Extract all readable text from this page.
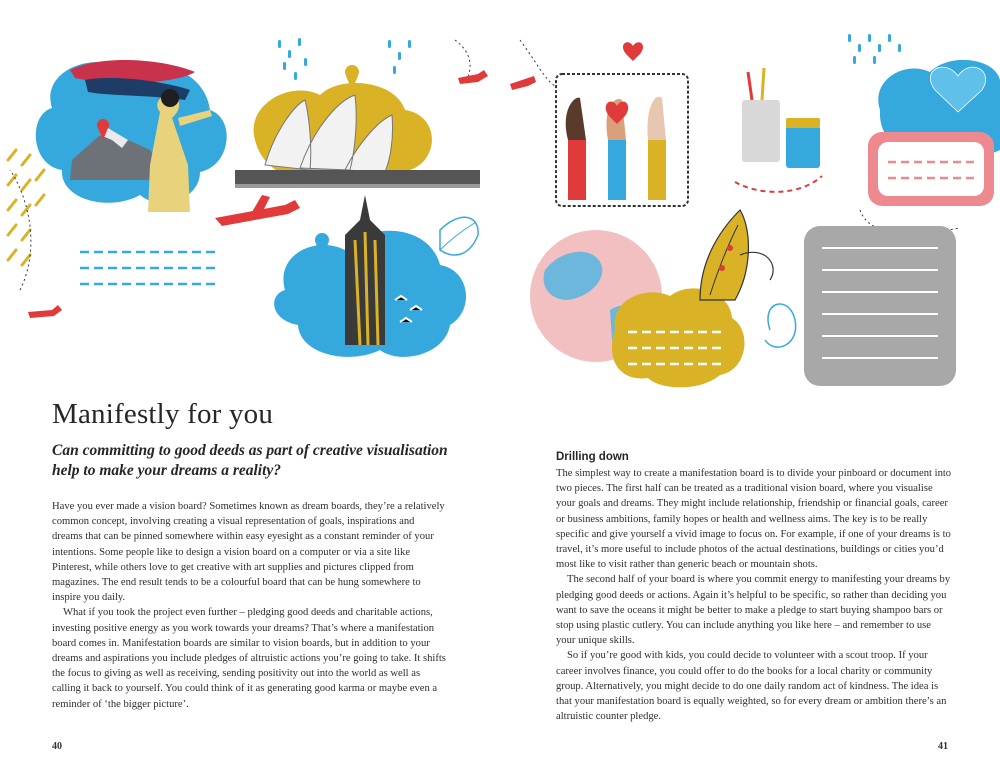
Manifestly for you

Can committing to good deeds as part of creative visualisation help to make your dreams a reality?

Have you ever made a vision board? Sometimes known as dream boards, they’re a relatively common concept, involving creating a visual representation of goals, inspirations and dreams that can be pinned somewhere within easy eyesight as a constant reminder of your intentions. Some people like to design a vision board on a computer or via a site like Pinterest, while others love to get creative with art supplies and pictures clipped from magazines. The end result tends to be a colourful board that can be hung somewhere to inspire you daily.

What if you took the project even further – pledging good deeds and charitable actions, investing positive energy as you work towards your dreams? That’s where a manifestation board comes in. Manifestation boards are similar to vision boards, but in addition to your dreams and aspirations you include pledges of altruistic actions you’re going to take. It shifts the focus to giving as well as receiving, sending positivity out into the world as well as calling it back to yourself. You could think of it as generating good karma or maybe even a reminder of ‘the bigger picture’.

Drilling down

The simplest way to create a manifestation board is to divide your pinboard or document into two pieces. The first half can be treated as a traditional vision board, where you visualise your goals and dreams. They might include relationship, friendship or financial goals, career or business ambitions, family hopes or health and wellness aims. The key is to be really specific and give yourself a vivid image to focus on. For example, if one of your dreams is to travel, it’s more useful to include photos of the actual destinations, buildings or cities you’d most like to visit rather than generic beach or mountain shots.

The second half of your board is where you commit energy to manifesting your dreams by pledging good deeds or actions. Again it’s helpful to be specific, so rather than deciding you want to save the oceans it might be better to make a pledge to start buying shampoo bars or stop using plastic cutlery. You can include anything you like here – and remember to use your unique skills.

So if you’re good with kids, you could decide to volunteer with a scout troop. If your career involves finance, you could offer to do the books for a local charity or community group. Alternatively, you might decide to do one daily random act of kindness. The idea is that your manifestation board is equally weighted, so for every dream or ambition there’s an altruistic counter pledge.

40	41
